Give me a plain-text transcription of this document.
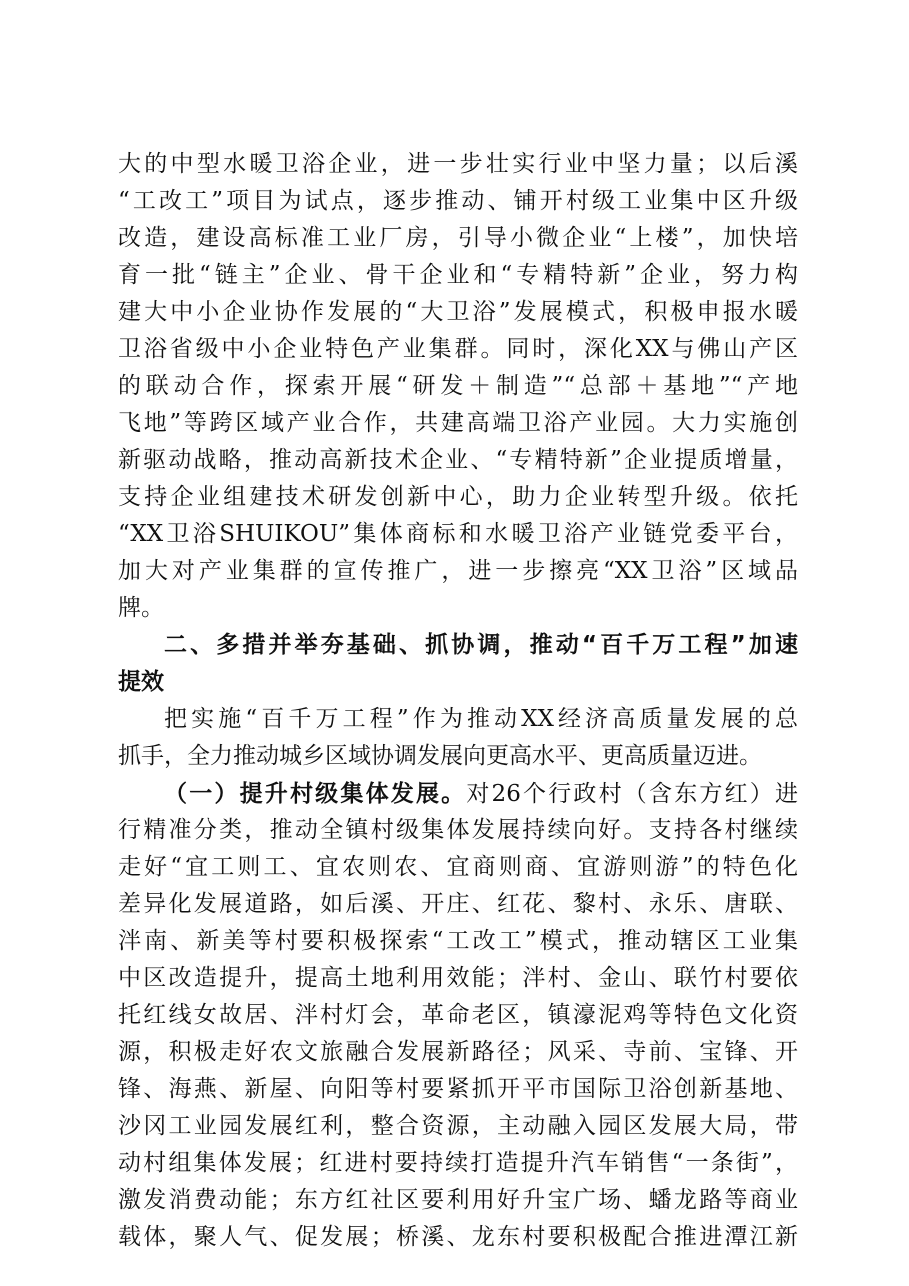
大的中型水暖卫浴企业，进一步壮实行业中坚力量；以后溪
“工改工”项目为试点，逐步推动、铺开村级工业集中区升级
改造，建设高标准工业厂房，引导小微企业“上楼”，加快培
育一批“链主”企业、骨干企业和“专精特新”企业，努力构
建大中小企业协作发展的“大卫浴”发展模式，积极申报水暖
卫浴省级中小企业特色产业集群。同时，深化XX与佛山产区
的联动合作，探索开展“研发＋制造”“总部＋基地”“产地
飞地”等跨区域产业合作，共建高端卫浴产业园。大力实施创
新驱动战略，推动高新技术企业、“专精特新”企业提质增量，
支持企业组建技术研发创新中心，助力企业转型升级。依托
“XX卫浴SHUIKOU”集体商标和水暖卫浴产业链党委平台，
加大对产业集群的宣传推广，进一步擦亮“XX卫浴”区域品
牌。
二、多措并举夯基础、抓协调，推动“百千万工程”加速
提效
把实施“百千万工程”作为推动XX经济高质量发展的总
抓手，全力推动城乡区域协调发展向更高水平、更高质量迈进。
（一）提升村级集体发展。对26个行政村（含东方红）进
行精准分类，推动全镇村级集体发展持续向好。支持各村继续
走好“宜工则工、宜农则农、宜商则商、宜游则游”的特色化
差异化发展道路，如后溪、开庄、红花、黎村、永乐、唐联、
泮南、新美等村要积极探索“工改工”模式，推动辖区工业集
中区改造提升，提高土地利用效能；泮村、金山、联竹村要依
托红线女故居、泮村灯会，革命老区，镇濠泥鸡等特色文化资
源，积极走好农文旅融合发展新路径；风采、寺前、宝锋、开
锋、海燕、新屋、向阳等村要紧抓开平市国际卫浴创新基地、
沙冈工业园发展红利，整合资源，主动融入园区发展大局，带
动村组集体发展；红进村要持续打造提升汽车销售“一条街”，
激发消费动能；东方红社区要利用好升宝广场、蟠龙路等商业
载体，聚人气、促发展；桥溪、龙东村要积极配合推进潭江新
